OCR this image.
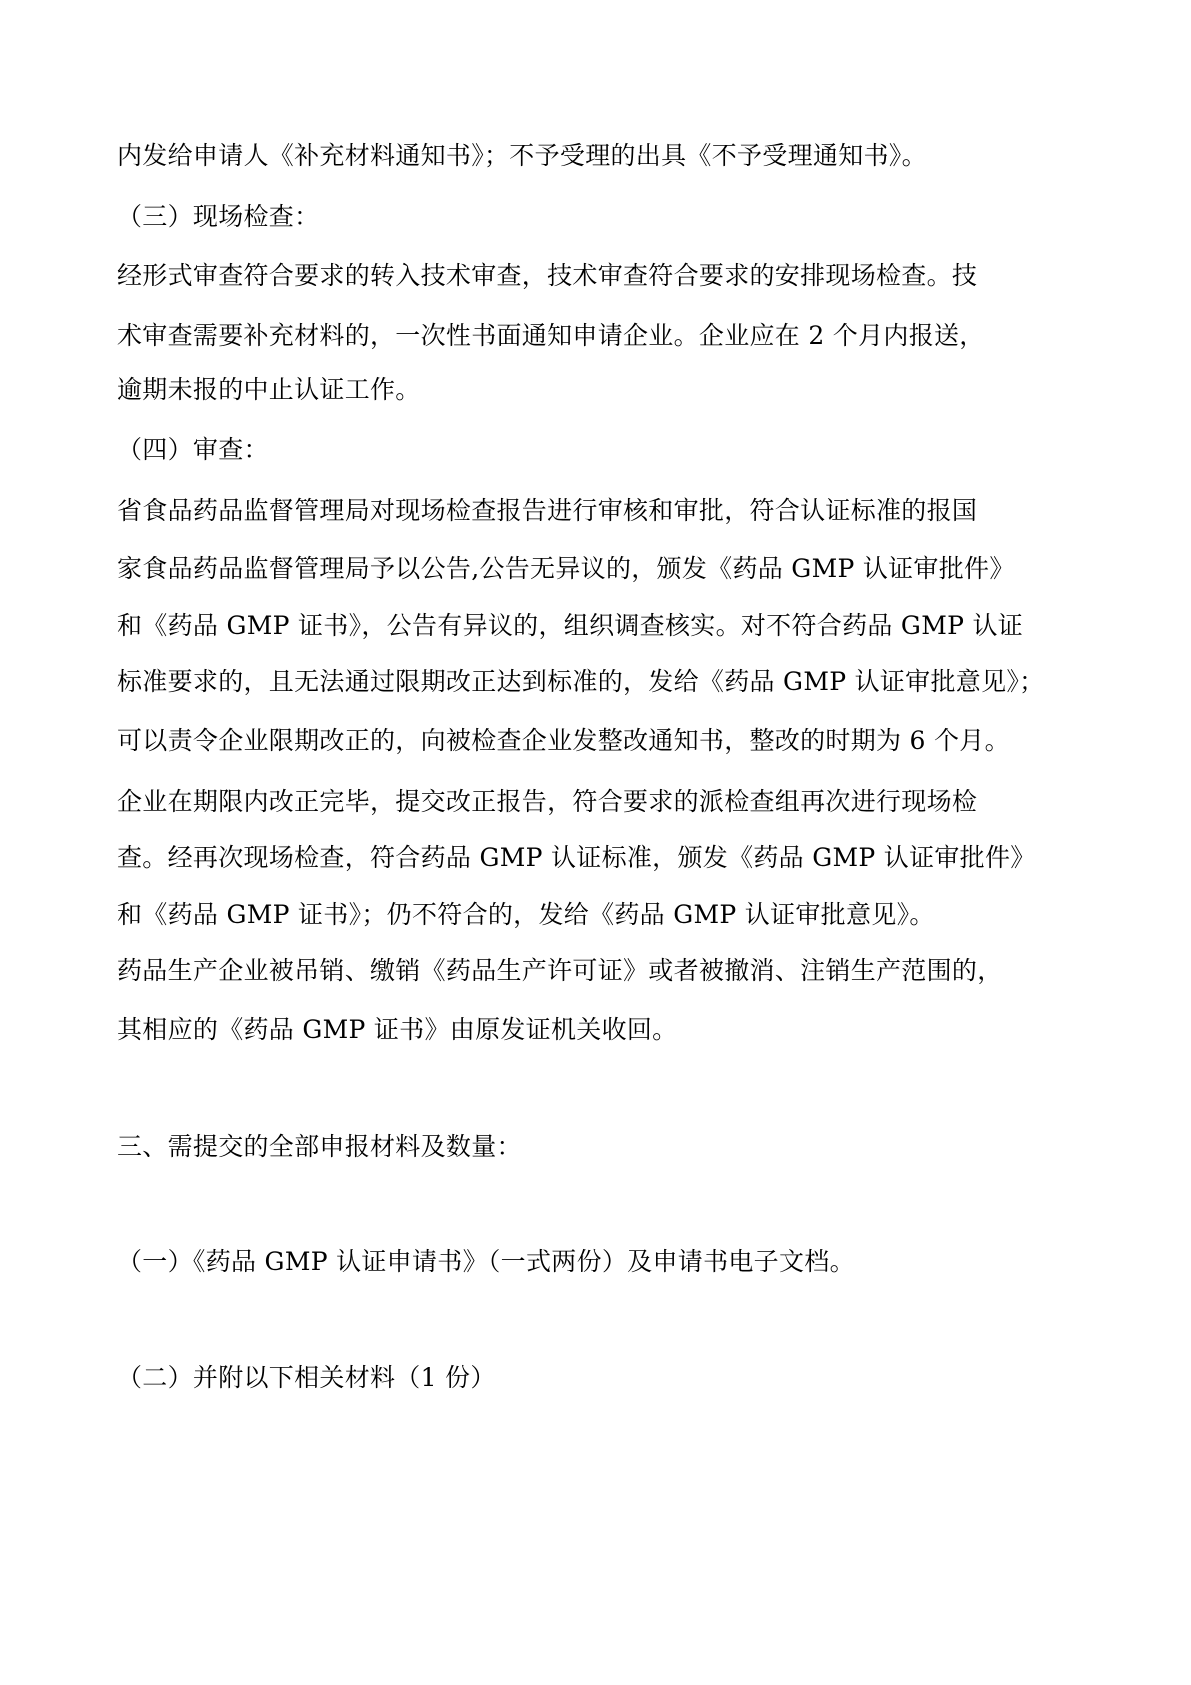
内发给申请人《补充材料通知书》；不予受理的出具《不予受理通知书》。
（三）现场检查：
经形式审查符合要求的转入技术审查，技术审查符合要求的安排现场检查。技
术审查需要补充材料的，一次性书面通知申请企业。企业应在 2 个月内报送，
逾期未报的中止认证工作。
（四）审查：
省食品药品监督管理局对现场检查报告进行审核和审批，符合认证标准的报国
家食品药品监督管理局予以公告,公告无异议的，颁发《药品 GMP 认证审批件》
和《药品 GMP 证书》，公告有异议的，组织调查核实。对不符合药品 GMP 认证
标准要求的，且无法通过限期改正达到标准的，发给《药品 GMP 认证审批意见》；
可以责令企业限期改正的，向被检查企业发整改通知书，整改的时期为 6 个月。
企业在期限内改正完毕，提交改正报告，符合要求的派检查组再次进行现场检
查。经再次现场检查，符合药品 GMP 认证标准，颁发《药品 GMP 认证审批件》
和《药品 GMP 证书》；仍不符合的，发给《药品 GMP 认证审批意见》。
药品生产企业被吊销、缴销《药品生产许可证》或者被撤消、注销生产范围的，
其相应的《药品 GMP 证书》由原发证机关收回。
三、需提交的全部申报材料及数量：
（一）《药品 GMP 认证申请书》（一式两份）及申请书电子文档。
（二）并附以下相关材料（1 份）
